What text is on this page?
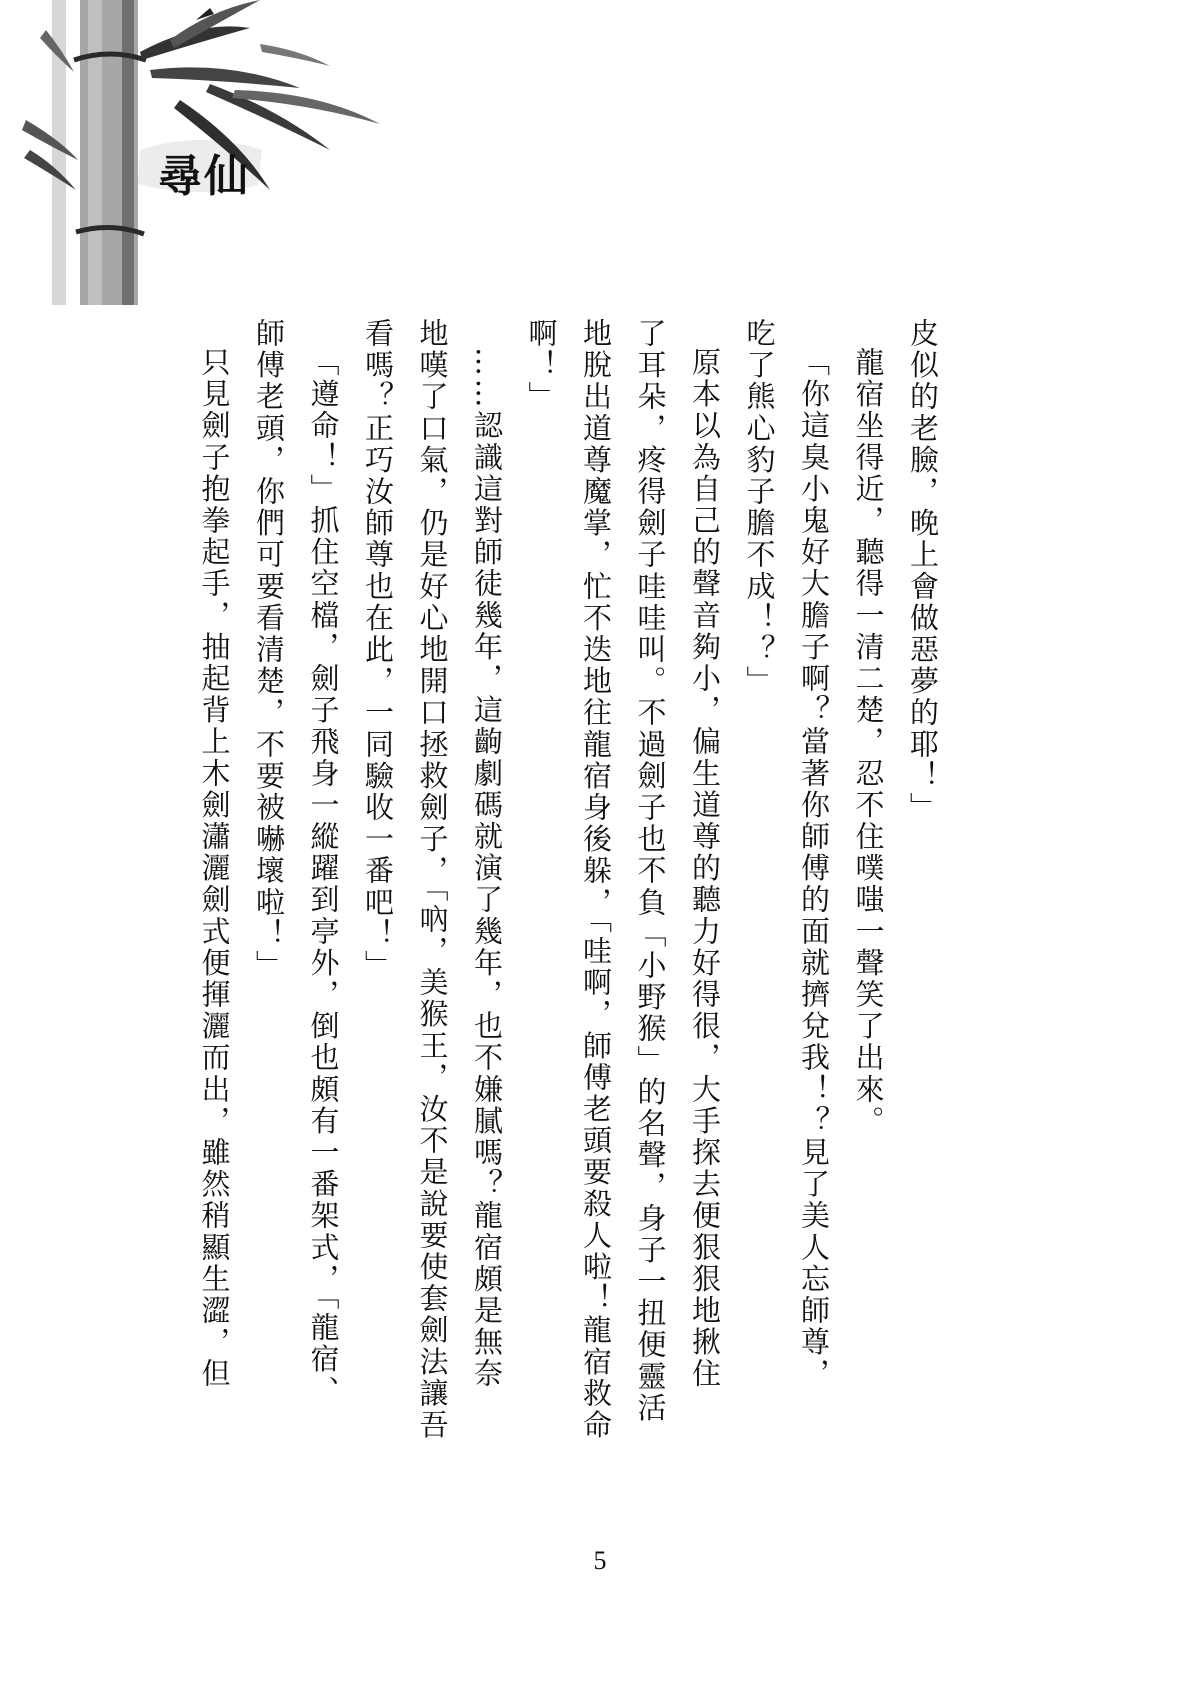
尋仙
皮似的老臉，晚上會做惡夢的耶！」
龍宿坐得近，聽得一清二楚，忍不住噗嗤一聲笑了出來。
「你這臭小鬼好大膽子啊？當著你師傅的面就擠兌我！？見了美人忘師尊，
吃了熊心豹子膽不成！？」
原本以為自己的聲音夠小，偏生道尊的聽力好得很，大手探去便狠狠地揪住
了耳朵，疼得劍子哇哇叫。不過劍子也不負「小野猴」的名聲，身子一扭便靈活
地脫出道尊魔掌，忙不迭地往龍宿身後躲，「哇啊，師傅老頭要殺人啦！龍宿救命
啊！」
……認識這對師徒幾年，這齣劇碼就演了幾年，也不嫌膩嗎？龍宿頗是無奈
地嘆了口氣，仍是好心地開口拯救劍子，「吶，美猴王，汝不是說要使套劍法讓吾
看嗎？正巧汝師尊也在此，一同驗收一番吧！」
「遵命！」抓住空檔，劍子飛身一縱躍到亭外，倒也頗有一番架式，「龍宿、
師傅老頭，你們可要看清楚，不要被嚇壞啦！」
只見劍子抱拳起手，抽起背上木劍瀟灑劍式便揮灑而出，雖然稍顯生澀，但
5
